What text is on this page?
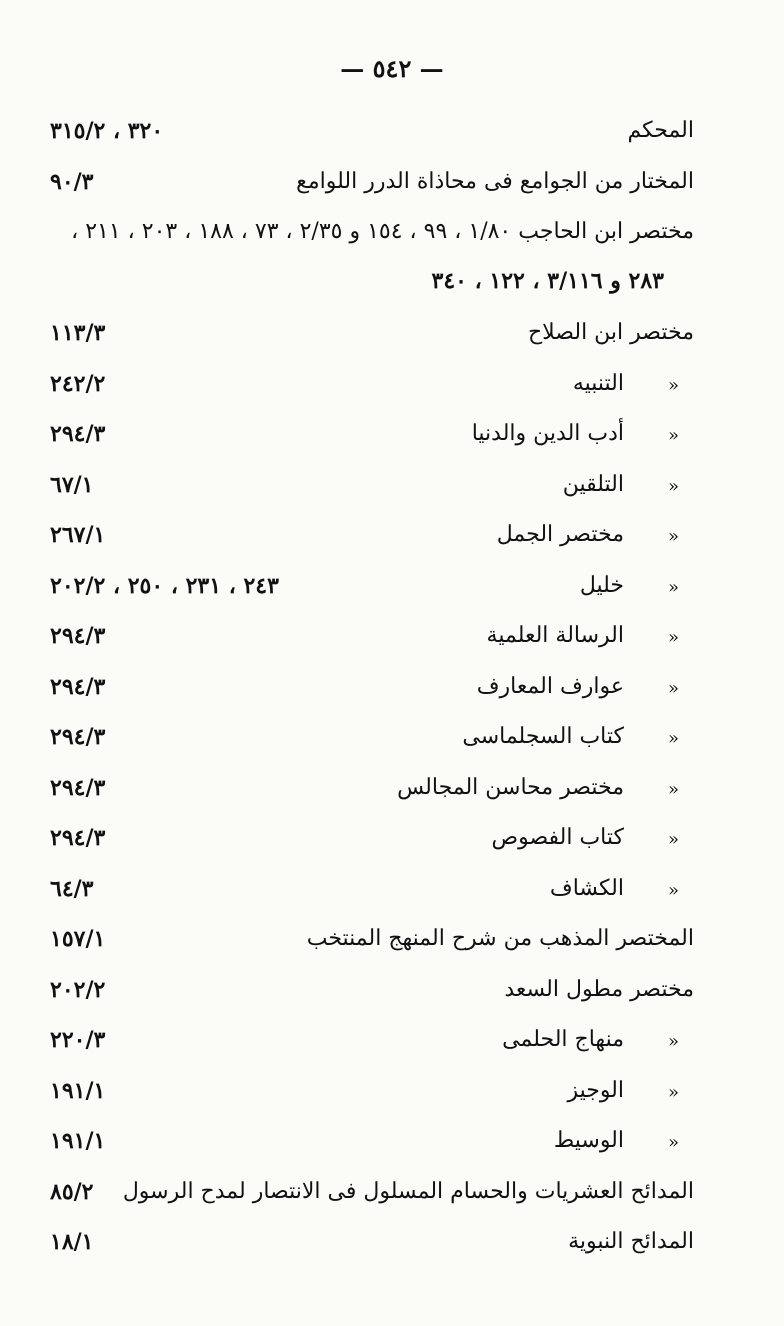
— ٥٤٢ —
المحكم
٣٢٠ ، ٣١٥/٢
المختار من الجوامع فى محاذاة الدرر اللوامع
٩٠/٣
مختصر ابن الحاجب ١/٨٠ ، ٩٩ ، ١٥٤ و ٢/٣٥ ، ٧٣ ، ١٨٨ ، ٢٠٣ ، ٢١١ ،
٢٨٣ و ٣/١١٦ ، ١٢٢ ، ٣٤٠
مختصر ابن الصلاح
١١٣/٣
«
التنبيه
٢٤٢/٢
«
أدب الدين والدنيا
٢٩٤/٣
«
التلقين
٦٧/١
«
مختصر الجمل
٢٦٧/١
«
خليل
٢٤٣ ، ٢٣١ ، ٢٥٠ ، ٢٠٢/٢
«
الرسالة العلمية
٢٩٤/٣
«
عوارف المعارف
٢٩٤/٣
«
كتاب السجلماسى
٢٩٤/٣
«
مختصر محاسن المجالس
٢٩٤/٣
«
كتاب الفصوص
٢٩٤/٣
«
الكشاف
٦٤/٣
المختصر المذهب من شرح المنهج المنتخب
١٥٧/١
مختصر مطول السعد
٢٠٢/٢
«
منهاج الحلمى
٢٢٠/٣
«
الوجيز
١٩١/١
«
الوسيط
١٩١/١
المدائح العشريات والحسام المسلول فى الانتصار لمدح الرسول
٨٥/٢
المدائح النبوية
١٨/١
